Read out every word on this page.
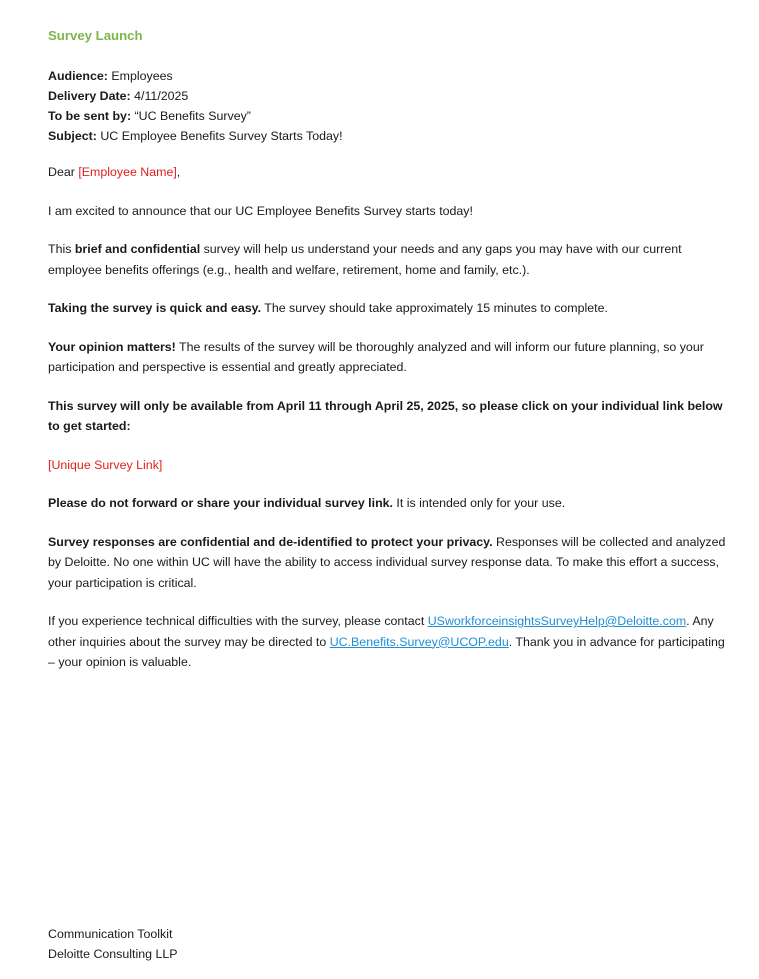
Survey Launch
Audience: Employees
Delivery Date: 4/11/2025
To be sent by: “UC Benefits Survey”
Subject: UC Employee Benefits Survey Starts Today!

Dear [Employee Name],

I am excited to announce that our UC Employee Benefits Survey starts today!

This brief and confidential survey will help us understand your needs and any gaps you may have with our current employee benefits offerings (e.g., health and welfare, retirement, home and family, etc.).

Taking the survey is quick and easy. The survey should take approximately 15 minutes to complete.

Your opinion matters! The results of the survey will be thoroughly analyzed and will inform our future planning, so your participation and perspective is essential and greatly appreciated.

This survey will only be available from April 11 through April 25, 2025, so please click on your individual link below to get started:

[Unique Survey Link]

Please do not forward or share your individual survey link. It is intended only for your use.

Survey responses are confidential and de-identified to protect your privacy. Responses will be collected and analyzed by Deloitte. No one within UC will have the ability to access individual survey response data. To make this effort a success, your participation is critical.

If you experience technical difficulties with the survey, please contact USworkforceinsightsSurveyHelp@Deloitte.com. Any other inquiries about the survey may be directed to UC.Benefits.Survey@UCOP.edu. Thank you in advance for participating – your opinion is valuable.

Communication Toolkit
Deloitte Consulting LLP
